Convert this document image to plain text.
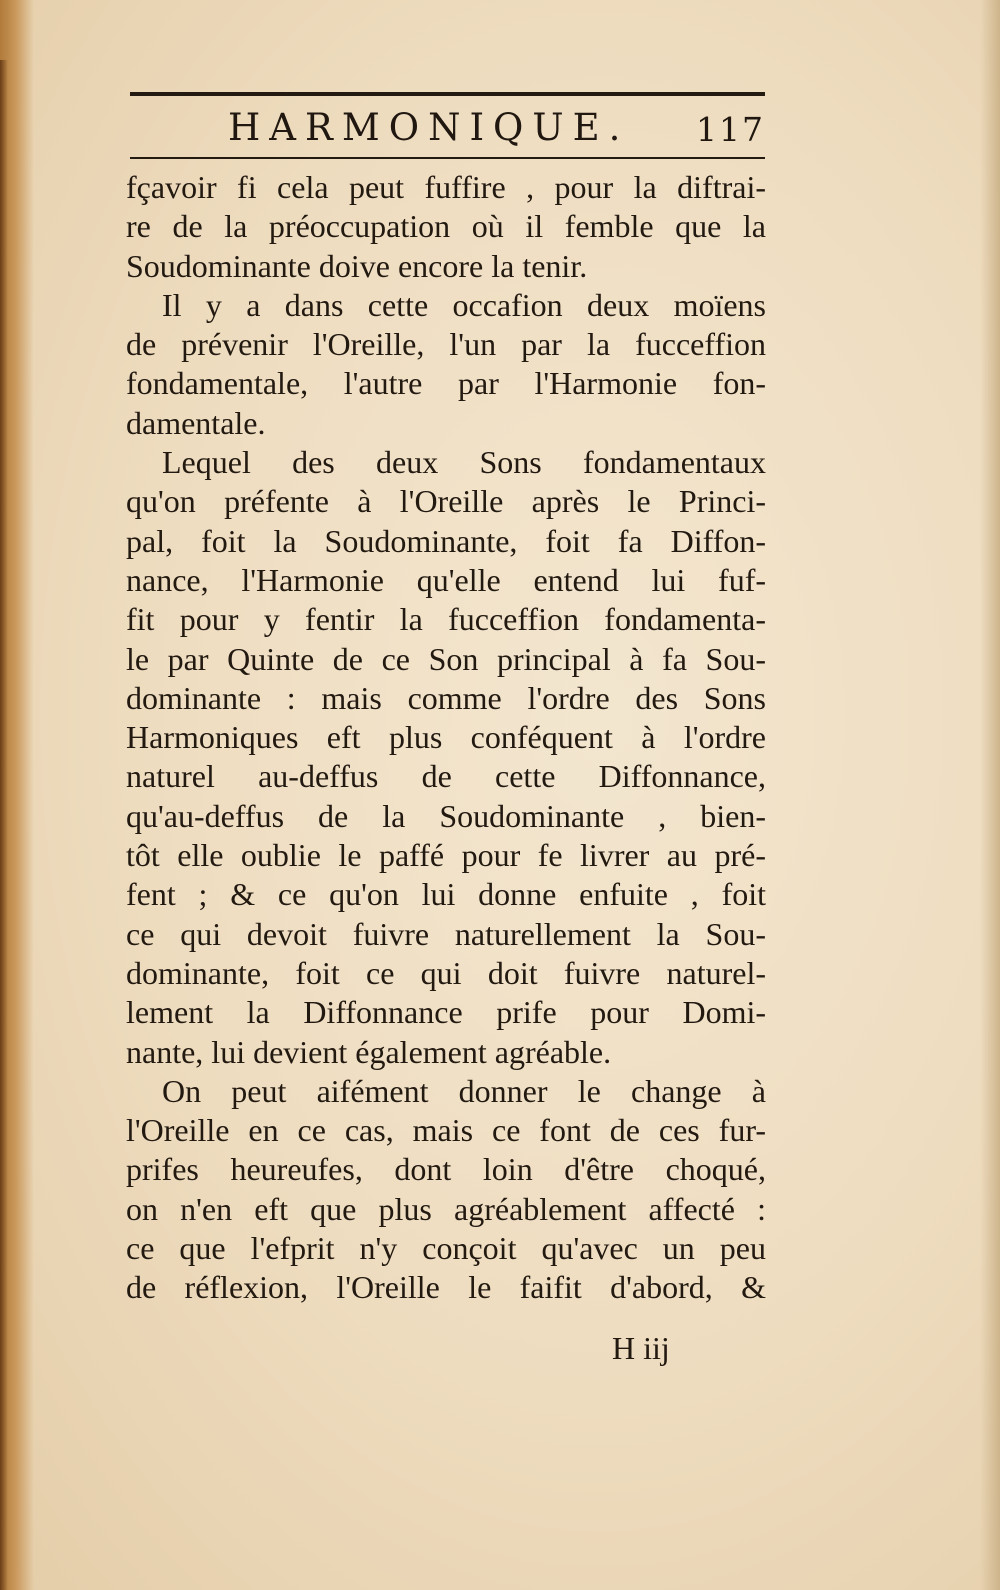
HARMONIQUE. 117
fçavoir fi cela peut fuffire , pour la diftrai-
re de la préoccupation où il femble que la
Soudominante doive encore la tenir.
Il y a dans cette occafion deux moïens
de prévenir l'Oreille, l'un par la fucceffion
fondamentale, l'autre par l'Harmonie fon-
damentale.
Lequel des deux Sons fondamentaux
qu'on préfente à l'Oreille après le Princi-
pal, foit la Soudominante, foit fa Diffon-
nance, l'Harmonie qu'elle entend lui fuf-
fit pour y fentir la fucceffion fondamenta-
le par Quinte de ce Son principal à fa Sou-
dominante : mais comme l'ordre des Sons
Harmoniques eft plus conféquent à l'ordre
naturel au-deffus de cette Diffonnance,
qu'au-deffus de la Soudominante , bien-
tôt elle oublie le paffé pour fe livrer au pré-
fent ; & ce qu'on lui donne enfuite , foit
ce qui devoit fuivre naturellement la Sou-
dominante, foit ce qui doit fuivre naturel-
lement la Diffonnance prife pour Domi-
nante, lui devient également agréable.
On peut aifément donner le change à
l'Oreille en ce cas, mais ce font de ces fur-
prifes heureufes, dont loin d'être choqué,
on n'en eft que plus agréablement affecté :
ce que l'efprit n'y conçoit qu'avec un peu
de réflexion, l'Oreille le faifit d'abord, &
H iij
